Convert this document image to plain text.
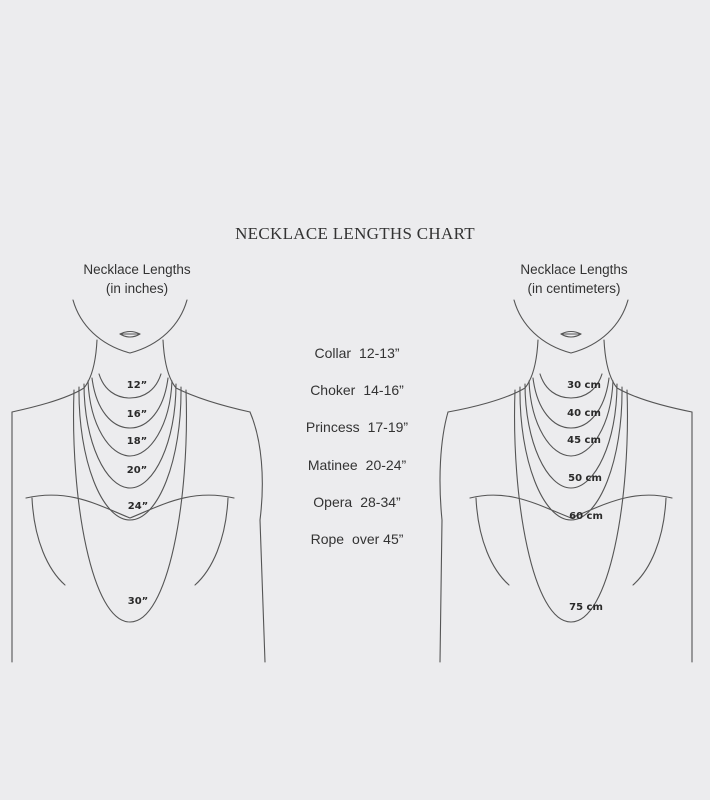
NECKLACE LENGTHS CHART
Necklace Lengths
(in inches)
Necklace Lengths
(in centimeters)
Collar 12-13”
Choker 14-16”
Princess 17-19”
Matinee 20-24”
Opera 28-34”
Rope over 45”
12”
16”
18”
20”
24”
30”
30 cm
40 cm
45 cm
50 cm
60 cm
75 cm
